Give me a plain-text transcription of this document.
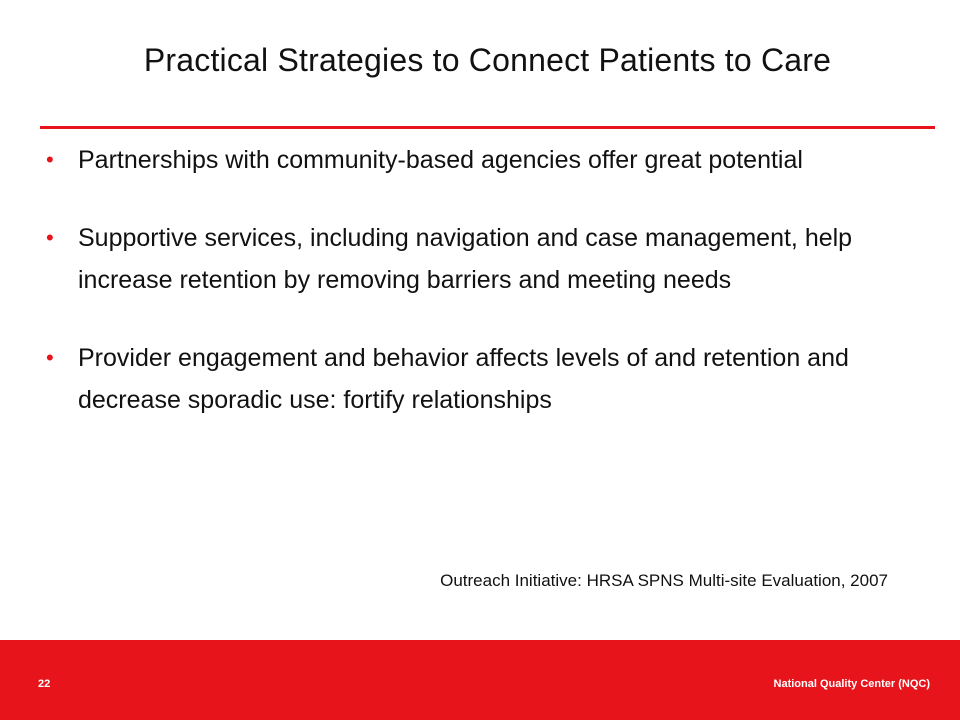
Practical Strategies to Connect Patients to Care
• Partnerships with community-based agencies offer great potential
• Supportive services, including navigation and case management, help increase retention by removing barriers and meeting needs
• Provider engagement and behavior affects levels of and retention and decrease sporadic use: fortify relationships
Outreach Initiative: HRSA SPNS Multi-site Evaluation, 2007
22	National Quality Center (NQC)
